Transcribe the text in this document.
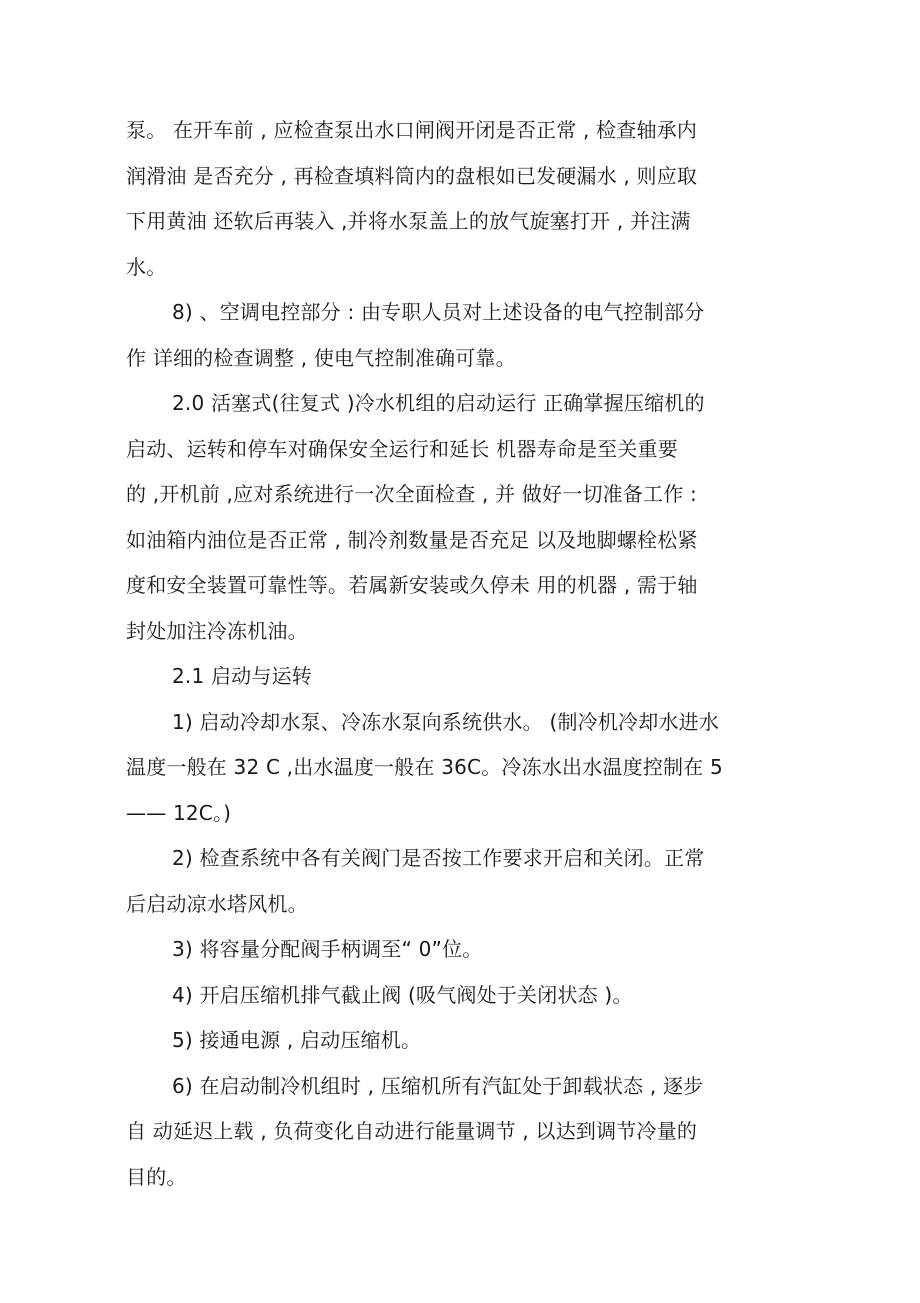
泵。 在开车前 , 应检查泵出水口闸阀开闭是否正常 , 检查轴承内
润滑油 是否充分 , 再检查填料筒内的盘根如已发硬漏水 , 则应取
下用黄油 还软后再装入 ,并将水泵盖上的放气旋塞打开 , 并注满
水。
8) 、空调电控部分 : 由专职人员对上述设备的电气控制部分
作 详细的检查调整 , 使电气控制准确可靠。
2.0 活塞式(往复式 )冷水机组的启动运行 正确掌握压缩机的
启动、运转和停车对确保安全运行和延长 机器寿命是至关重要
的 ,开机前 ,应对系统进行一次全面检查 , 并 做好一切准备工作 :
如油箱内油位是否正常 , 制冷剂数量是否充足 以及地脚螺栓松紧
度和安全装置可靠性等。若属新安装或久停未 用的机器 , 需于轴
封处加注冷冻机油。
2.1 启动与运转
1) 启动冷却水泵、冷冻水泵向系统供水。 (制冷机冷却水进水
温度一般在 32 C ,出水温度一般在 36C。冷冻水出水温度控制在 5
—— 12C。)
2) 检查系统中各有关阀门是否按工作要求开启和关闭。正常
后启动凉水塔风机。
3) 将容量分配阀手柄调至“ 0”位。
4) 开启压缩机排气截止阀 (吸气阀处于关闭状态 )。
5) 接通电源 , 启动压缩机。
6) 在启动制冷机组时 , 压缩机所有汽缸处于卸载状态 , 逐步
自 动延迟上载 , 负荷变化自动进行能量调节 , 以达到调节冷量的
目的。
